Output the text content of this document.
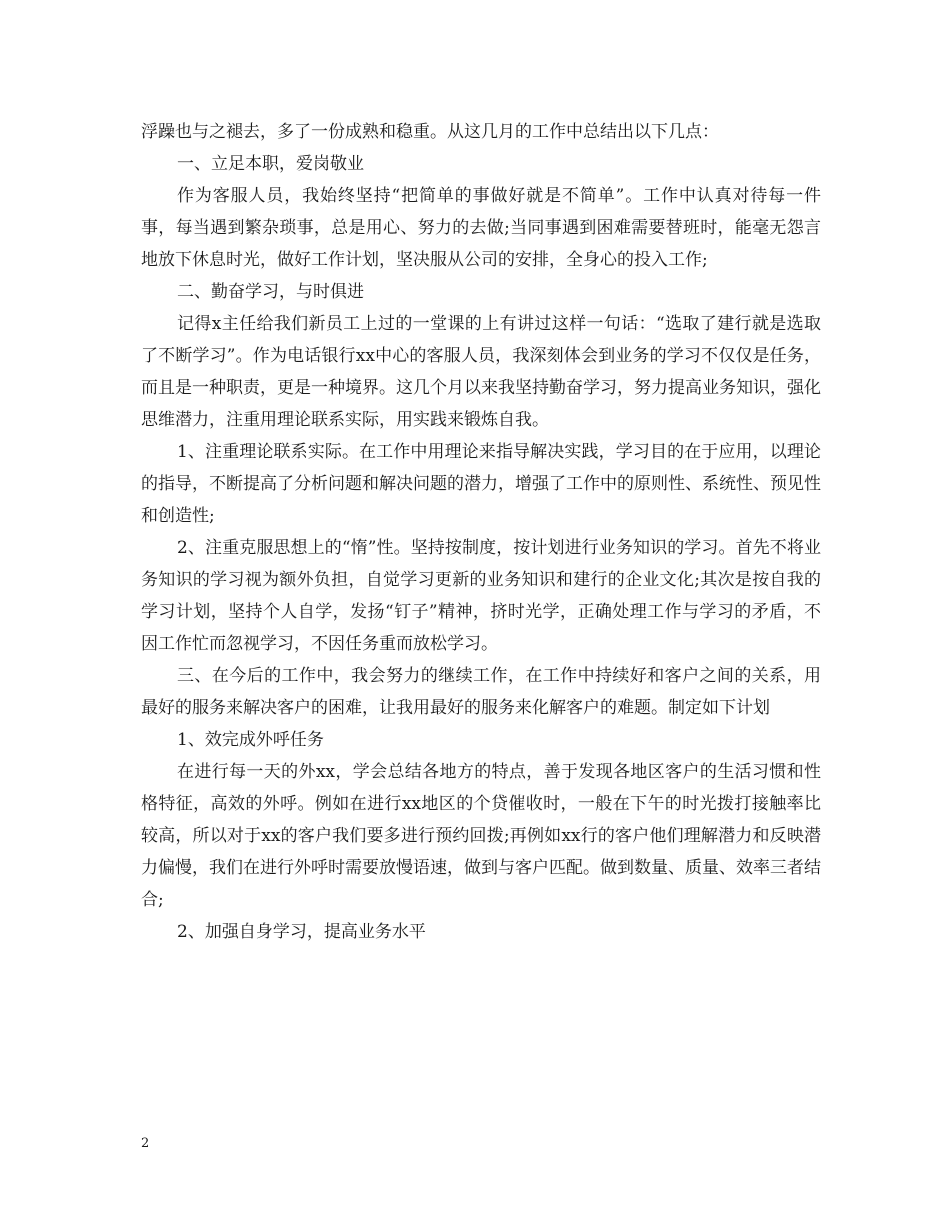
浮躁也与之褪去，多了一份成熟和稳重。从这几月的工作中总结出以下几点：

一、立足本职，爱岗敬业

作为客服人员，我始终坚持“把简单的事做好就是不简单”。工作中认真对待每一件事，每当遇到繁杂琐事，总是用心、努力的去做;当同事遇到困难需要替班时，能毫无怨言地放下休息时光，做好工作计划，坚决服从公司的安排，全身心的投入工作;

二、勤奋学习，与时俱进

记得x主任给我们新员工上过的一堂课的上有讲过这样一句话：“选取了建行就是选取了不断学习”。作为电话银行xx中心的客服人员，我深刻体会到业务的学习不仅仅是任务，而且是一种职责，更是一种境界。这几个月以来我坚持勤奋学习，努力提高业务知识，强化思维潜力，注重用理论联系实际，用实践来锻炼自我。

1、注重理论联系实际。在工作中用理论来指导解决实践，学习目的在于应用，以理论的指导，不断提高了分析问题和解决问题的潜力，增强了工作中的原则性、系统性、预见性和创造性;

2、注重克服思想上的“惰”性。坚持按制度，按计划进行业务知识的学习。首先不将业务知识的学习视为额外负担，自觉学习更新的业务知识和建行的企业文化;其次是按自我的学习计划，坚持个人自学，发扬“钉子”精神，挤时光学，正确处理工作与学习的矛盾，不因工作忙而忽视学习，不因任务重而放松学习。

三、在今后的工作中，我会努力的继续工作，在工作中持续好和客户之间的关系，用最好的服务来解决客户的困难，让我用最好的服务来化解客户的难题。制定如下计划

1、效完成外呼任务

在进行每一天的外xx，学会总结各地方的特点，善于发现各地区客户的生活习惯和性格特征，高效的外呼。例如在进行xx地区的个贷催收时，一般在下午的时光拨打接触率比较高，所以对于xx的客户我们要多进行预约回拨;再例如xx行的客户他们理解潜力和反映潜力偏慢，我们在进行外呼时需要放慢语速，做到与客户匹配。做到数量、质量、效率三者结合;

2、加强自身学习，提高业务水平

2
